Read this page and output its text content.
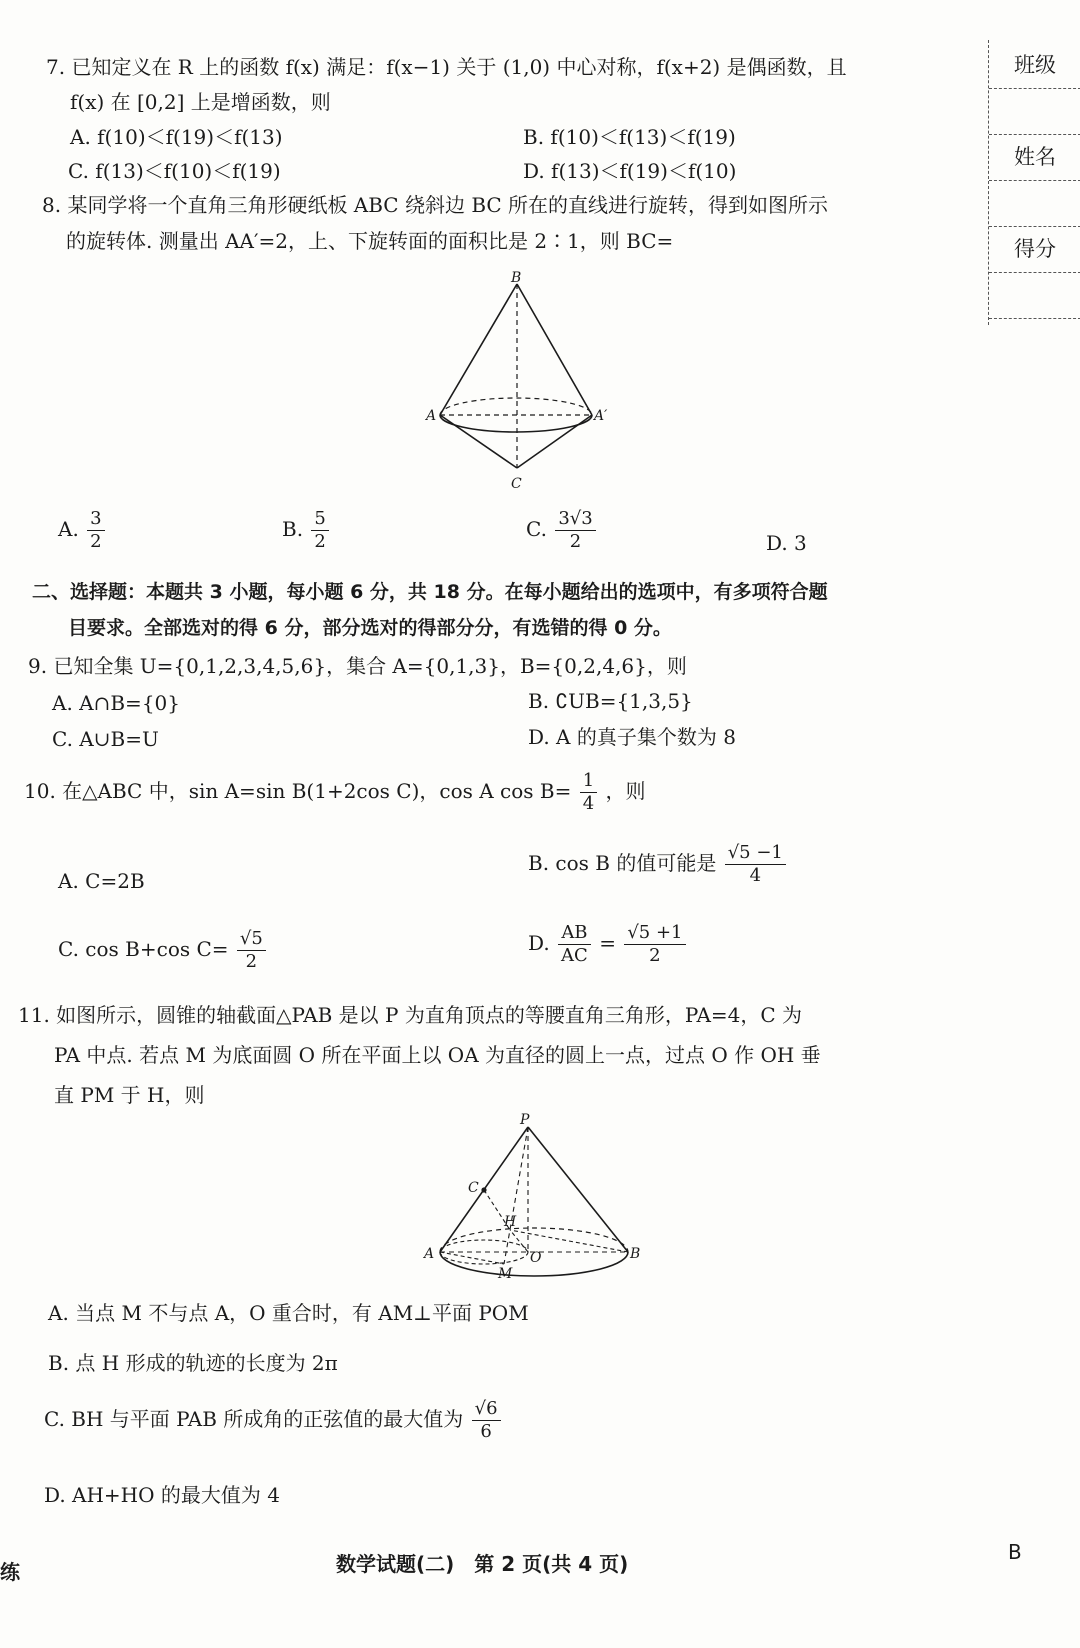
班级
姓名
得分
7. 已知定义在 R 上的函数 f(x) 满足：f(x−1) 关于 (1,0) 中心对称，f(x+2) 是偶函数，且
f(x) 在 [0,2] 上是增函数，则
A. f(10)＜f(19)＜f(13)	B. f(10)＜f(13)＜f(19)
C. f(13)＜f(10)＜f(19)	D. f(13)＜f(19)＜f(10)
8. 某同学将一个直角三角形硬纸板 ABC 绕斜边 BC 所在的直线进行旋转，得到如图所示
的旋转体. 测量出 AA′=2，上、下旋转面的面积比是 2∶1，则 BC=
B
A	A′
C
A. $\frac{3}{2}$	B. $\frac{5}{2}$	C. $\frac{3√3}{2}$	D. 3
二、选择题：本题共 3 小题，每小题 6 分，共 18 分。在每小题给出的选项中，有多项符合题
目要求。全部选对的得 6 分，部分选对的得部分分，有选错的得 0 分。
9. 已知全集 U={0,1,2,3,4,5,6}，集合 A={0,1,3}，B={0,2,4,6}，则
A. A∩B={0}	B. ∁UB={1,3,5}
C. A∪B=U	D. A 的真子集个数为 8
10. 在△ABC 中，sin A=sin B(1+2cos C)，cos A $\cos B= \frac{1}{4}$ ，则
A. C=2B
B. cos B 的值可能是 $\frac{√5 -1}{4}$
C. cos B+cos $C= \frac{√5}{2}$	D. $\frac{AB}{AC} = \frac{√5 +1}{2}$
11. 如图所示，圆锥的轴截面△PAB 是以 P 为直角顶点的等腰直角三角形，PA=4，C 为
PA 中点. 若点 M 为底面圆 O 所在平面上以 OA 为直径的圆上一点，过点 O 作 OH 垂
直 PM 于 H，则
P
C
H
A	O
M
B
A. 当点 M 不与点 A，O 重合时，有 AM⊥平面 POM
B. 点 H 形成的轨迹的长度为 2π
C. BH 与平面 PAB 所成角的正弦值的最大值为 $\frac{√6}{6}$
D. AH+HO 的最大值为 4
练	数学试题(二)　第 2 页(共 4 页)	B
